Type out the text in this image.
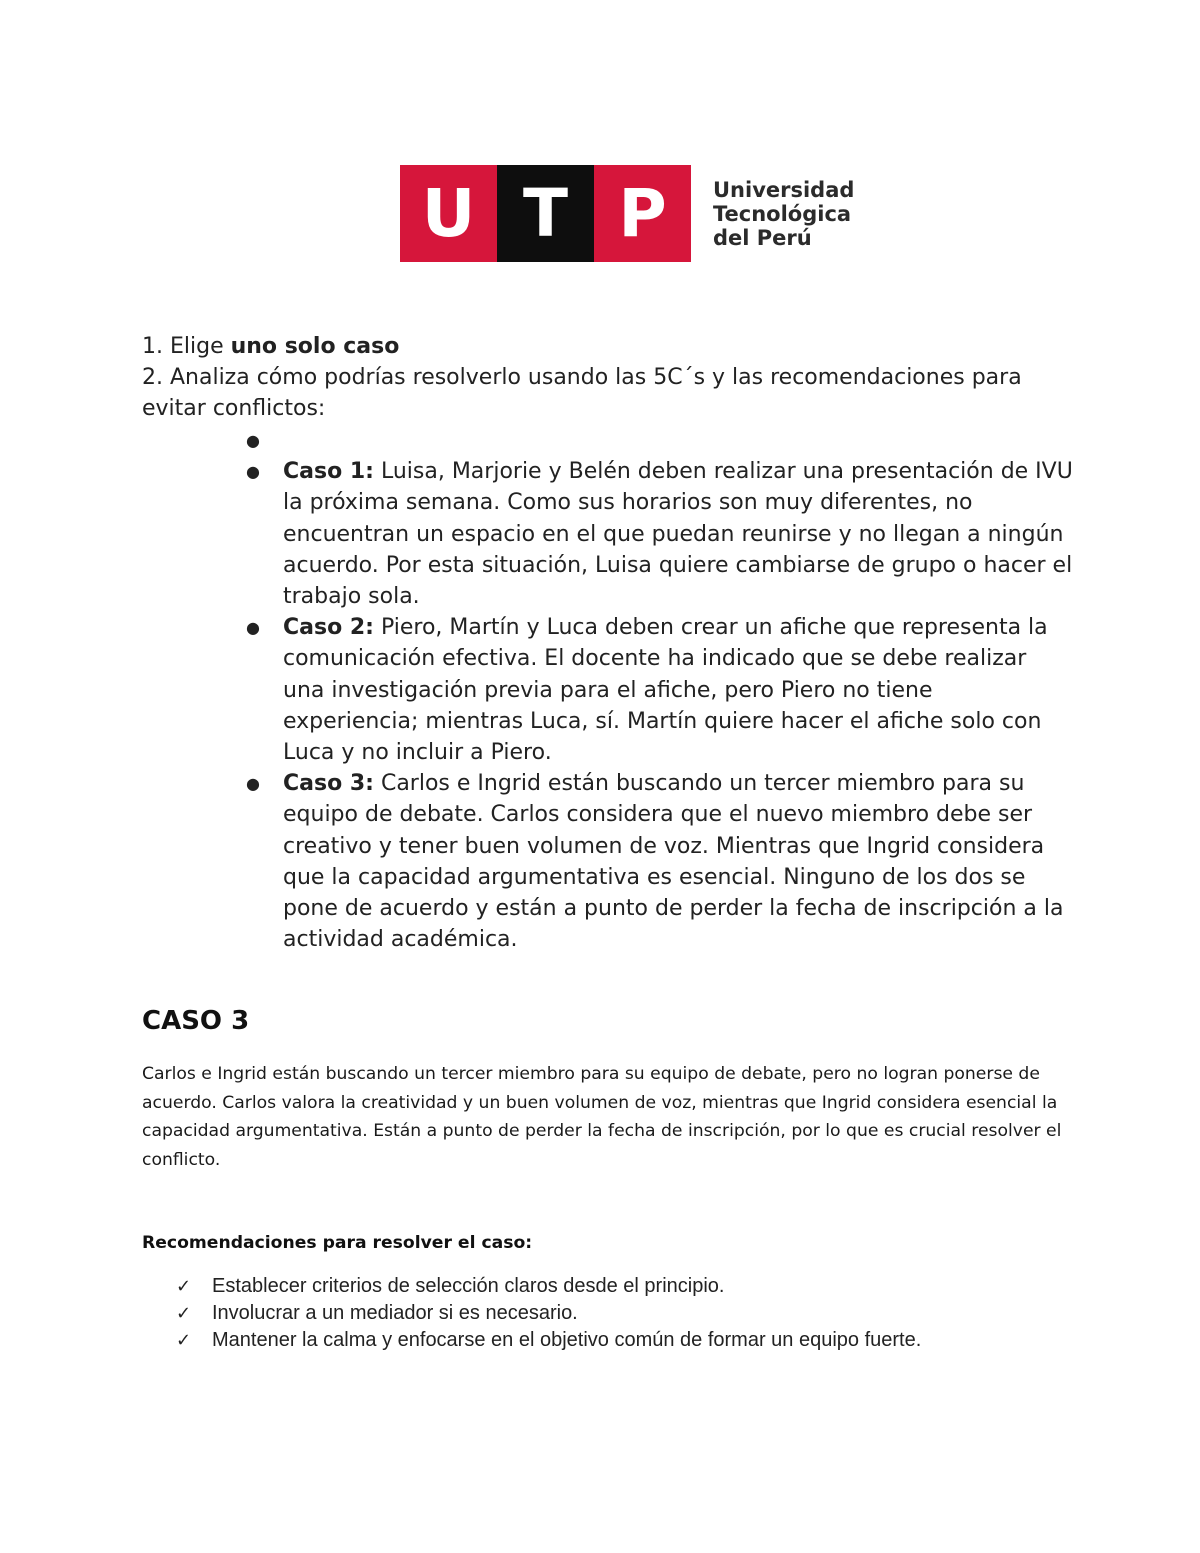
U T P	Universidad
Tecnológica
del Perú

1. Elige uno solo caso

2. Analiza cómo podrías resolverlo usando las 5C´s y las recomendaciones para evitar conflictos:

●

● Caso 1: Luisa, Marjorie y Belén deben realizar una presentación de IVU la próxima semana. Como sus horarios son muy diferentes, no encuentran un espacio en el que puedan reunirse y no llegan a ningún acuerdo. Por esta situación, Luisa quiere cambiarse de grupo o hacer el trabajo sola.

● Caso 2: Piero, Martín y Luca deben crear un afiche que representa la comunicación efectiva. El docente ha indicado que se debe realizar una investigación previa para el afiche, pero Piero no tiene experiencia; mientras Luca, sí. Martín quiere hacer el afiche solo con Luca y no incluir a Piero.

● Caso 3: Carlos e Ingrid están buscando un tercer miembro para su equipo de debate. Carlos considera que el nuevo miembro debe ser creativo y tener buen volumen de voz. Mientras que Ingrid considera que la capacidad argumentativa es esencial. Ninguno de los dos se pone de acuerdo y están a punto de perder la fecha de inscripción a la actividad académica.

CASO 3

Carlos e Ingrid están buscando un tercer miembro para su equipo de debate, pero no logran ponerse de acuerdo. Carlos valora la creatividad y un buen volumen de voz, mientras que Ingrid considera esencial la capacidad argumentativa. Están a punto de perder la fecha de inscripción, por lo que es crucial resolver el conflicto.

Recomendaciones para resolver el caso:

✓	Establecer criterios de selección claros desde el principio.
✓	Involucrar a un mediador si es necesario.
✓	Mantener la calma y enfocarse en el objetivo común de formar un equipo fuerte.
